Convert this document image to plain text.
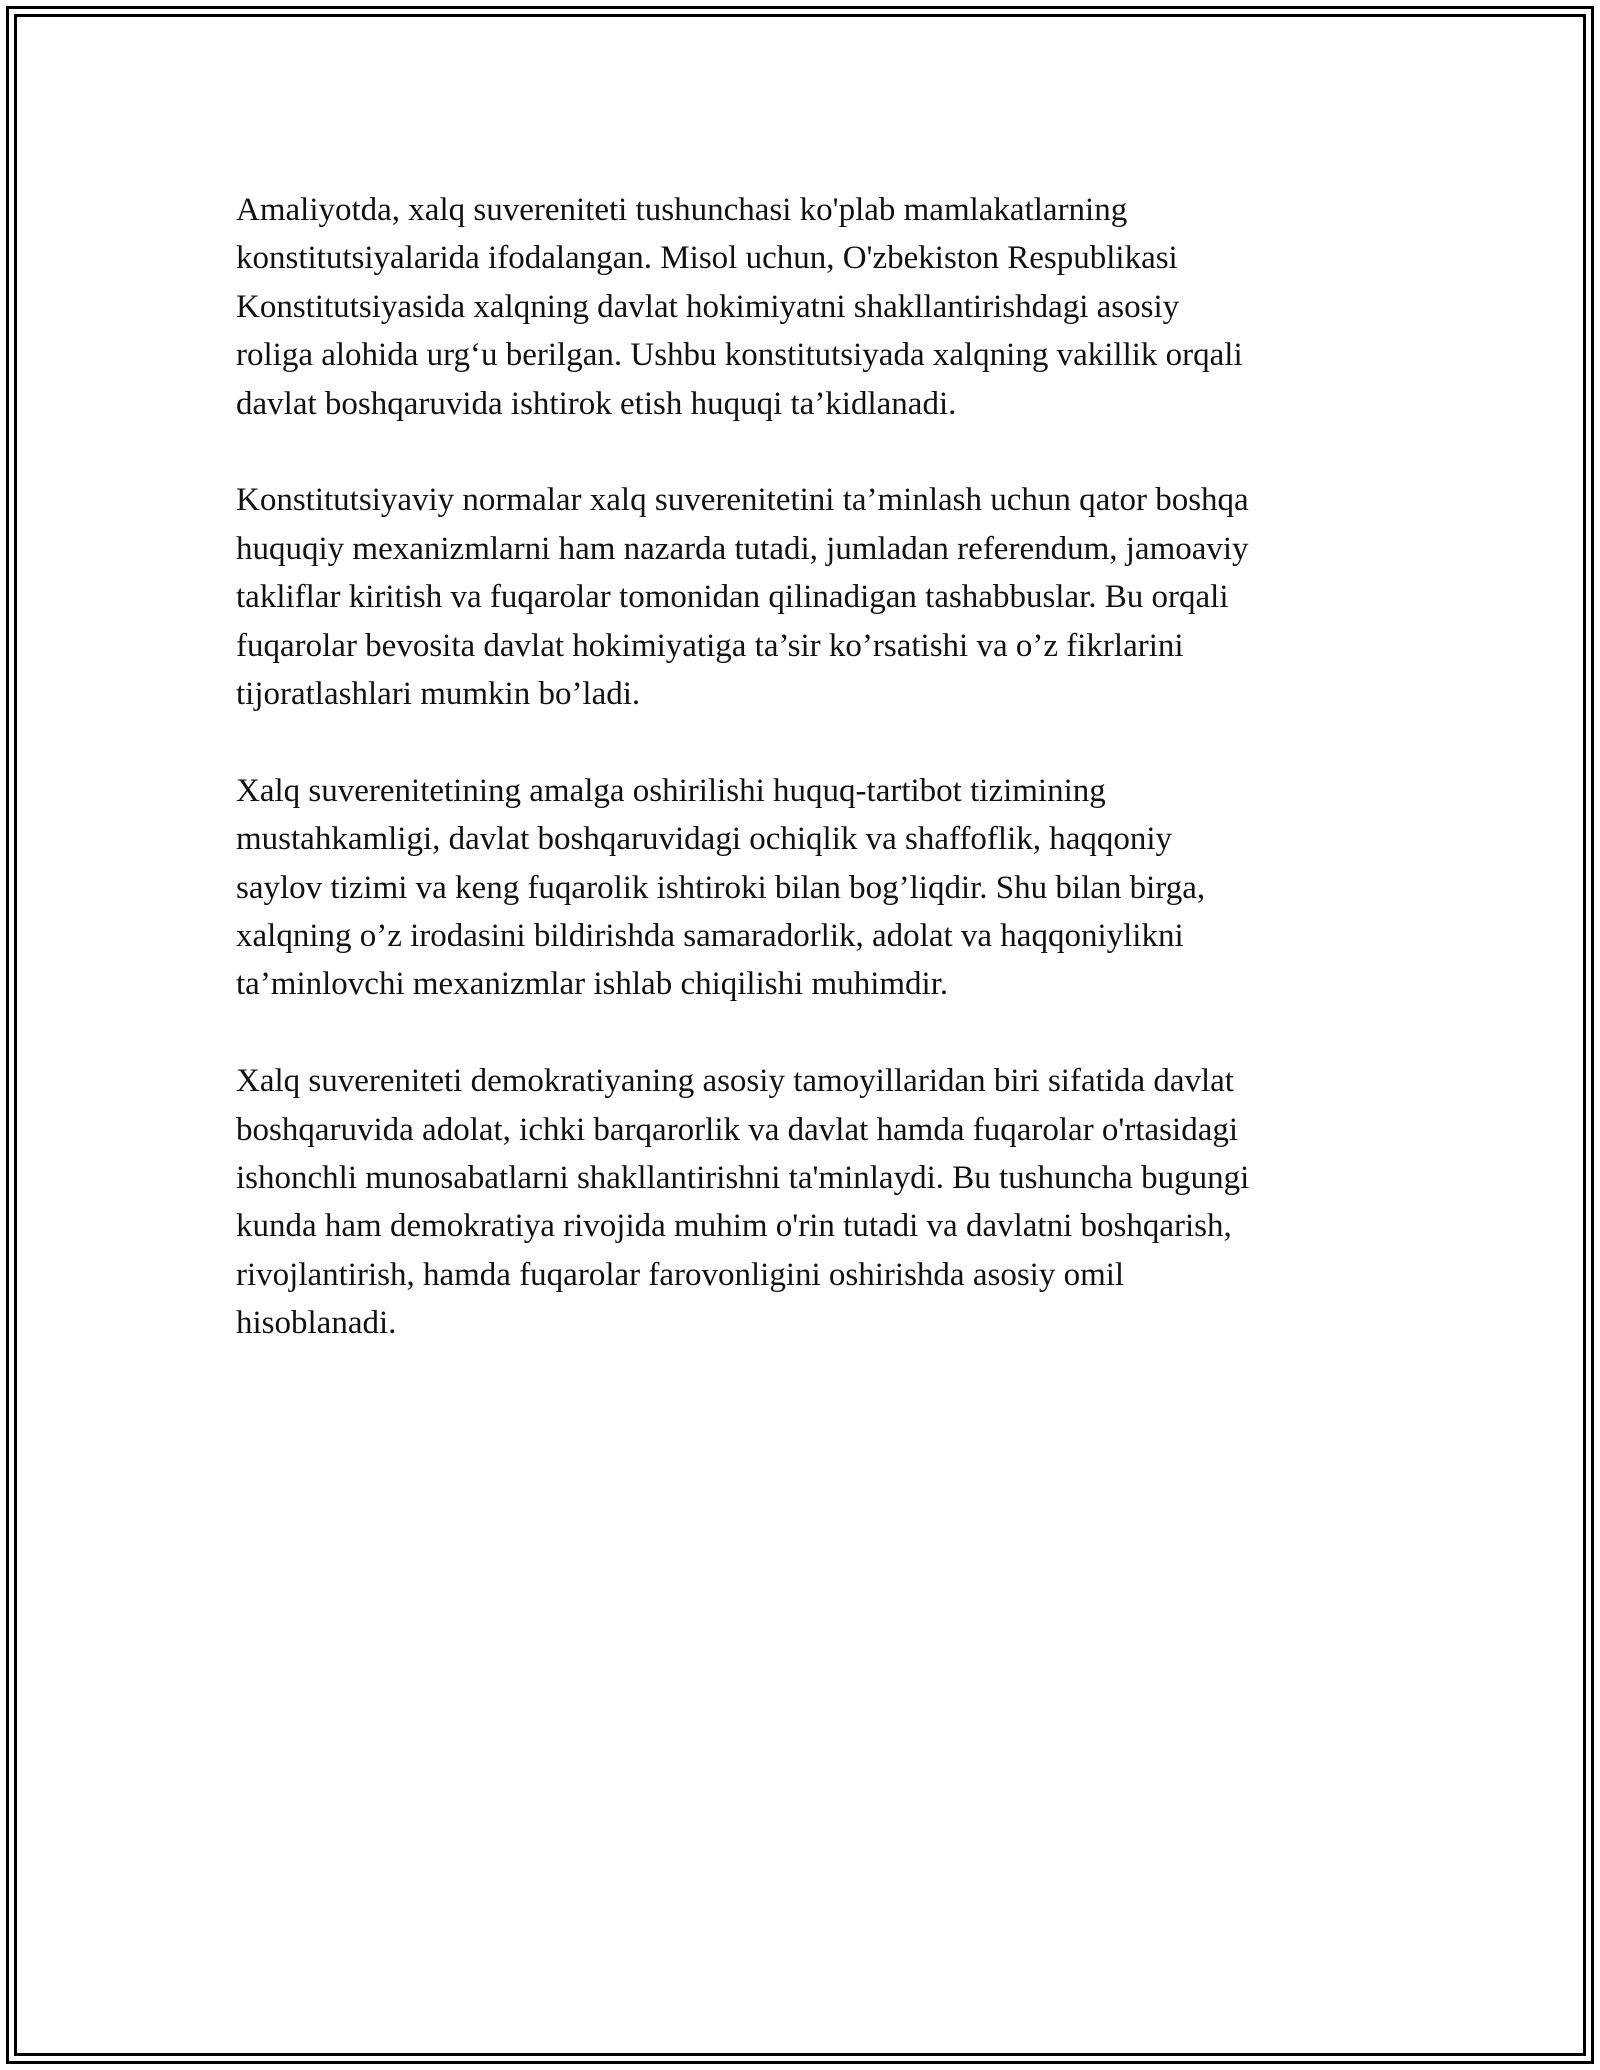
Amaliyotda, xalq suvereniteti tushunchasi ko'plab mamlakatlarning
konstitutsiyalarida ifodalangan. Misol uchun, O'zbekiston Respublikasi
Konstitutsiyasida xalqning davlat hokimiyatni shakllantirishdagi asosiy
roliga alohida urg‘u berilgan. Ushbu konstitutsiyada xalqning vakillik orqali
davlat boshqaruvida ishtirok etish huquqi ta’kidlanadi.

Konstitutsiyaviy normalar xalq suverenitetini ta’minlash uchun qator boshqa
huquqiy mexanizmlarni ham nazarda tutadi, jumladan referendum, jamoaviy
takliflar kiritish va fuqarolar tomonidan qilinadigan tashabbuslar. Bu orqali
fuqarolar bevosita davlat hokimiyatiga ta’sir ko’rsatishi va o’z fikrlarini
tijoratlashlari mumkin bo’ladi.

Xalq suverenitetining amalga oshirilishi huquq-tartibot tizimining
mustahkamligi, davlat boshqaruvidagi ochiqlik va shaffoflik, haqqoniy
saylov tizimi va keng fuqarolik ishtiroki bilan bog’liqdir. Shu bilan birga,
xalqning o’z irodasini bildirishda samaradorlik, adolat va haqqoniylikni
ta’minlovchi mexanizmlar ishlab chiqilishi muhimdir.

Xalq suvereniteti demokratiyaning asosiy tamoyillaridan biri sifatida davlat
boshqaruvida adolat, ichki barqarorlik va davlat hamda fuqarolar o'rtasidagi
ishonchli munosabatlarni shakllantirishni ta'minlaydi. Bu tushuncha bugungi
kunda ham demokratiya rivojida muhim o'rin tutadi va davlatni boshqarish,
rivojlantirish, hamda fuqarolar farovonligini oshirishda asosiy omil
hisoblanadi.
